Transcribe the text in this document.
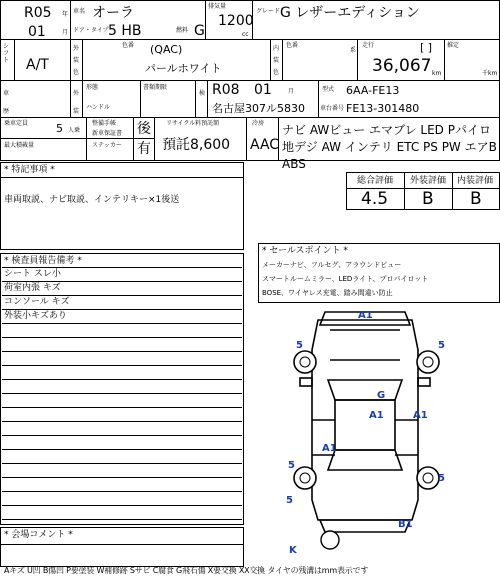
R05 年
01	月
車名 オーラ
ドア・タイプ 5 HB	燃料 G
排気量
1200
cc
グレード G レザーエディション
シフト A/T
外装色
色番 (QAC)
パールホワイト
内装色
色番
系
走行	[ ]
36,067 km
推定
千km
車歴
外装
形態
ハンドル
書類期限
検 R08 01	月
名古屋307ル5830
型式 6AA-FE13
車台番号 FE13-301480
乗車定員	5 人乗
最大積載量
整備手帳
新車保証書
ステッカー
後
有
リサイクル料預託額
預託8,600
冷房
AAC
ナビ AWビュー エマブレ LED Pパイロ
地デジ AW インテリ ETC PS PW エアB
ABS
* 特記事項 *
車両取説、ナビ取説、インテリキー×1後送
総合評価 外装評価 内装評価
4.5 B B
* セールスポイント *
メーカーナビ、フルセグ、アラウンドビュー
スマートルームミラー、LEDライト、プロパイロット
BOSE、ワイヤレス充電、踏み間違い防止
* 検査員報告備考 *
シート スレ小
荷室内張 キズ
コンソール キズ
外装小キズあり
* 会場コメント *
A1
5	5
G
A1	A1
A1
5
5
5
B1
K
Aキズ U凹 B傷凹 P要塗装 W補修跡 Sサビ C腐食 G飛石傷 X要交換 XX交換 タイヤの残溝はmm表示です
